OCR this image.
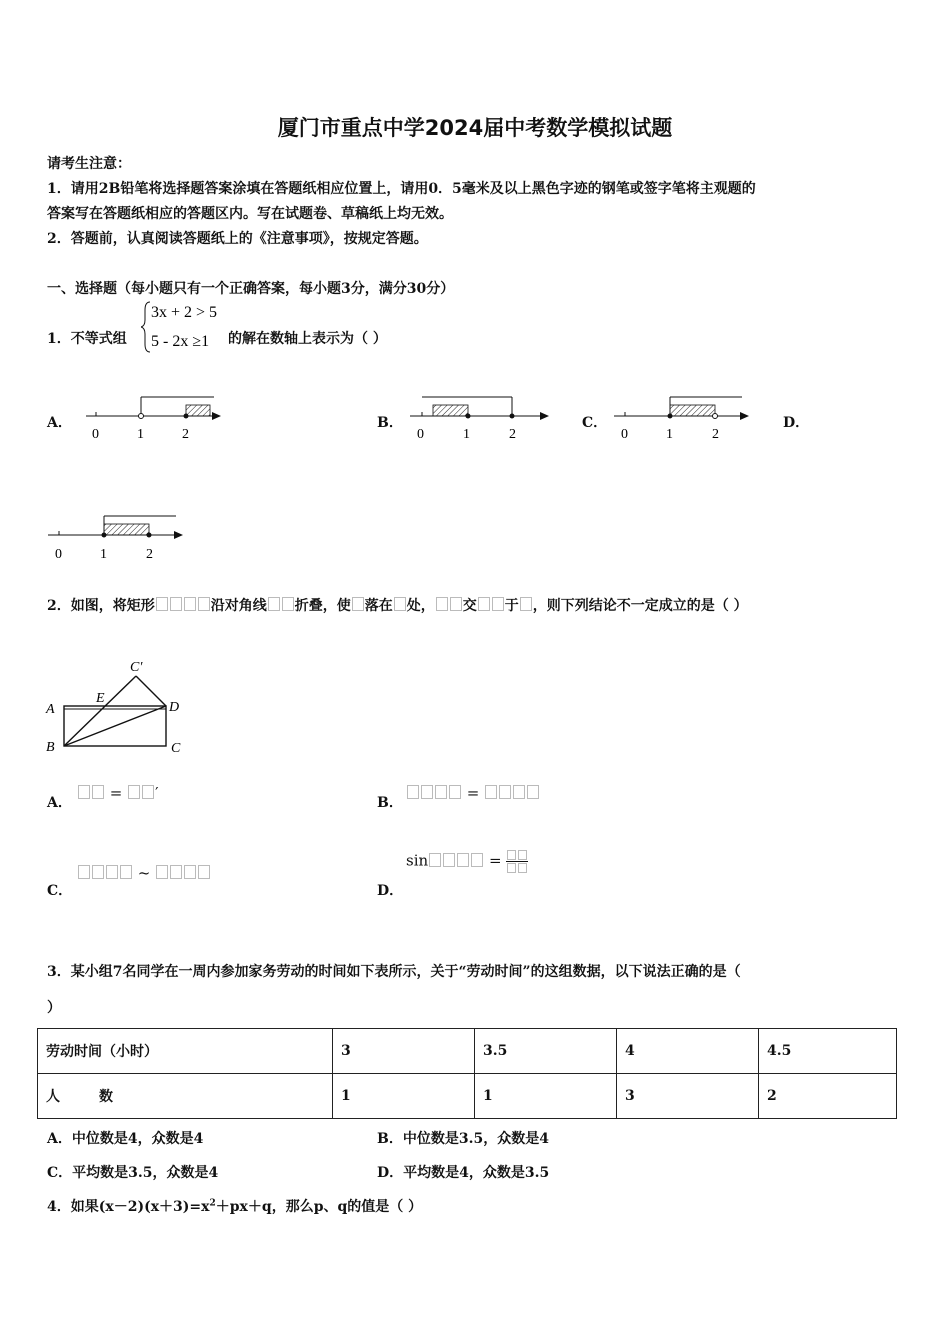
厦门市重点中学2024届中考数学模拟试题
请考生注意：
1．请用2B铅笔将选择题答案涂填在答题纸相应位置上，请用0．5毫米及以上黑色字迹的钢笔或签字笔将主观题的
答案写在答题纸相应的答题区内。写在试题卷、草稿纸上均无效。
2．答题前，认真阅读答题纸上的《注意事项》，按规定答题。
一、选择题（每小题只有一个正确答案，每小题3分，满分30分）
1．不等式组
3x + 2 > 5
5 - 2x ≥1 的解在数轴上表示为（ ）
A．
0	1	2
B．
0	1	2
C．
0	1	2
D．
0	1	2
2．如图，将矩形	沿对角线 折叠，使 落在 处， 交 于 ，则下列结论不一定成立的是（ ）
C′
E
A	D
B	C
A．
= ′
B．
=
C．
~
D．
sin	=
3．某小组7名同学在一周内参加家务劳动的时间如下表所示，关于“劳动时间”的这组数据，以下说法正确的是（
）
劳动时间（小时）	3	3.5	4	4.5
人        数	1	1	3	2
A．中位数是4，众数是4	B．中位数是3.5，众数是4
C．平均数是3.5，众数是4	D．平均数是4，众数是3.5
4．如果$(x-2)(x+3)=x^2+px+q$，那么p、q的值是（ ）
